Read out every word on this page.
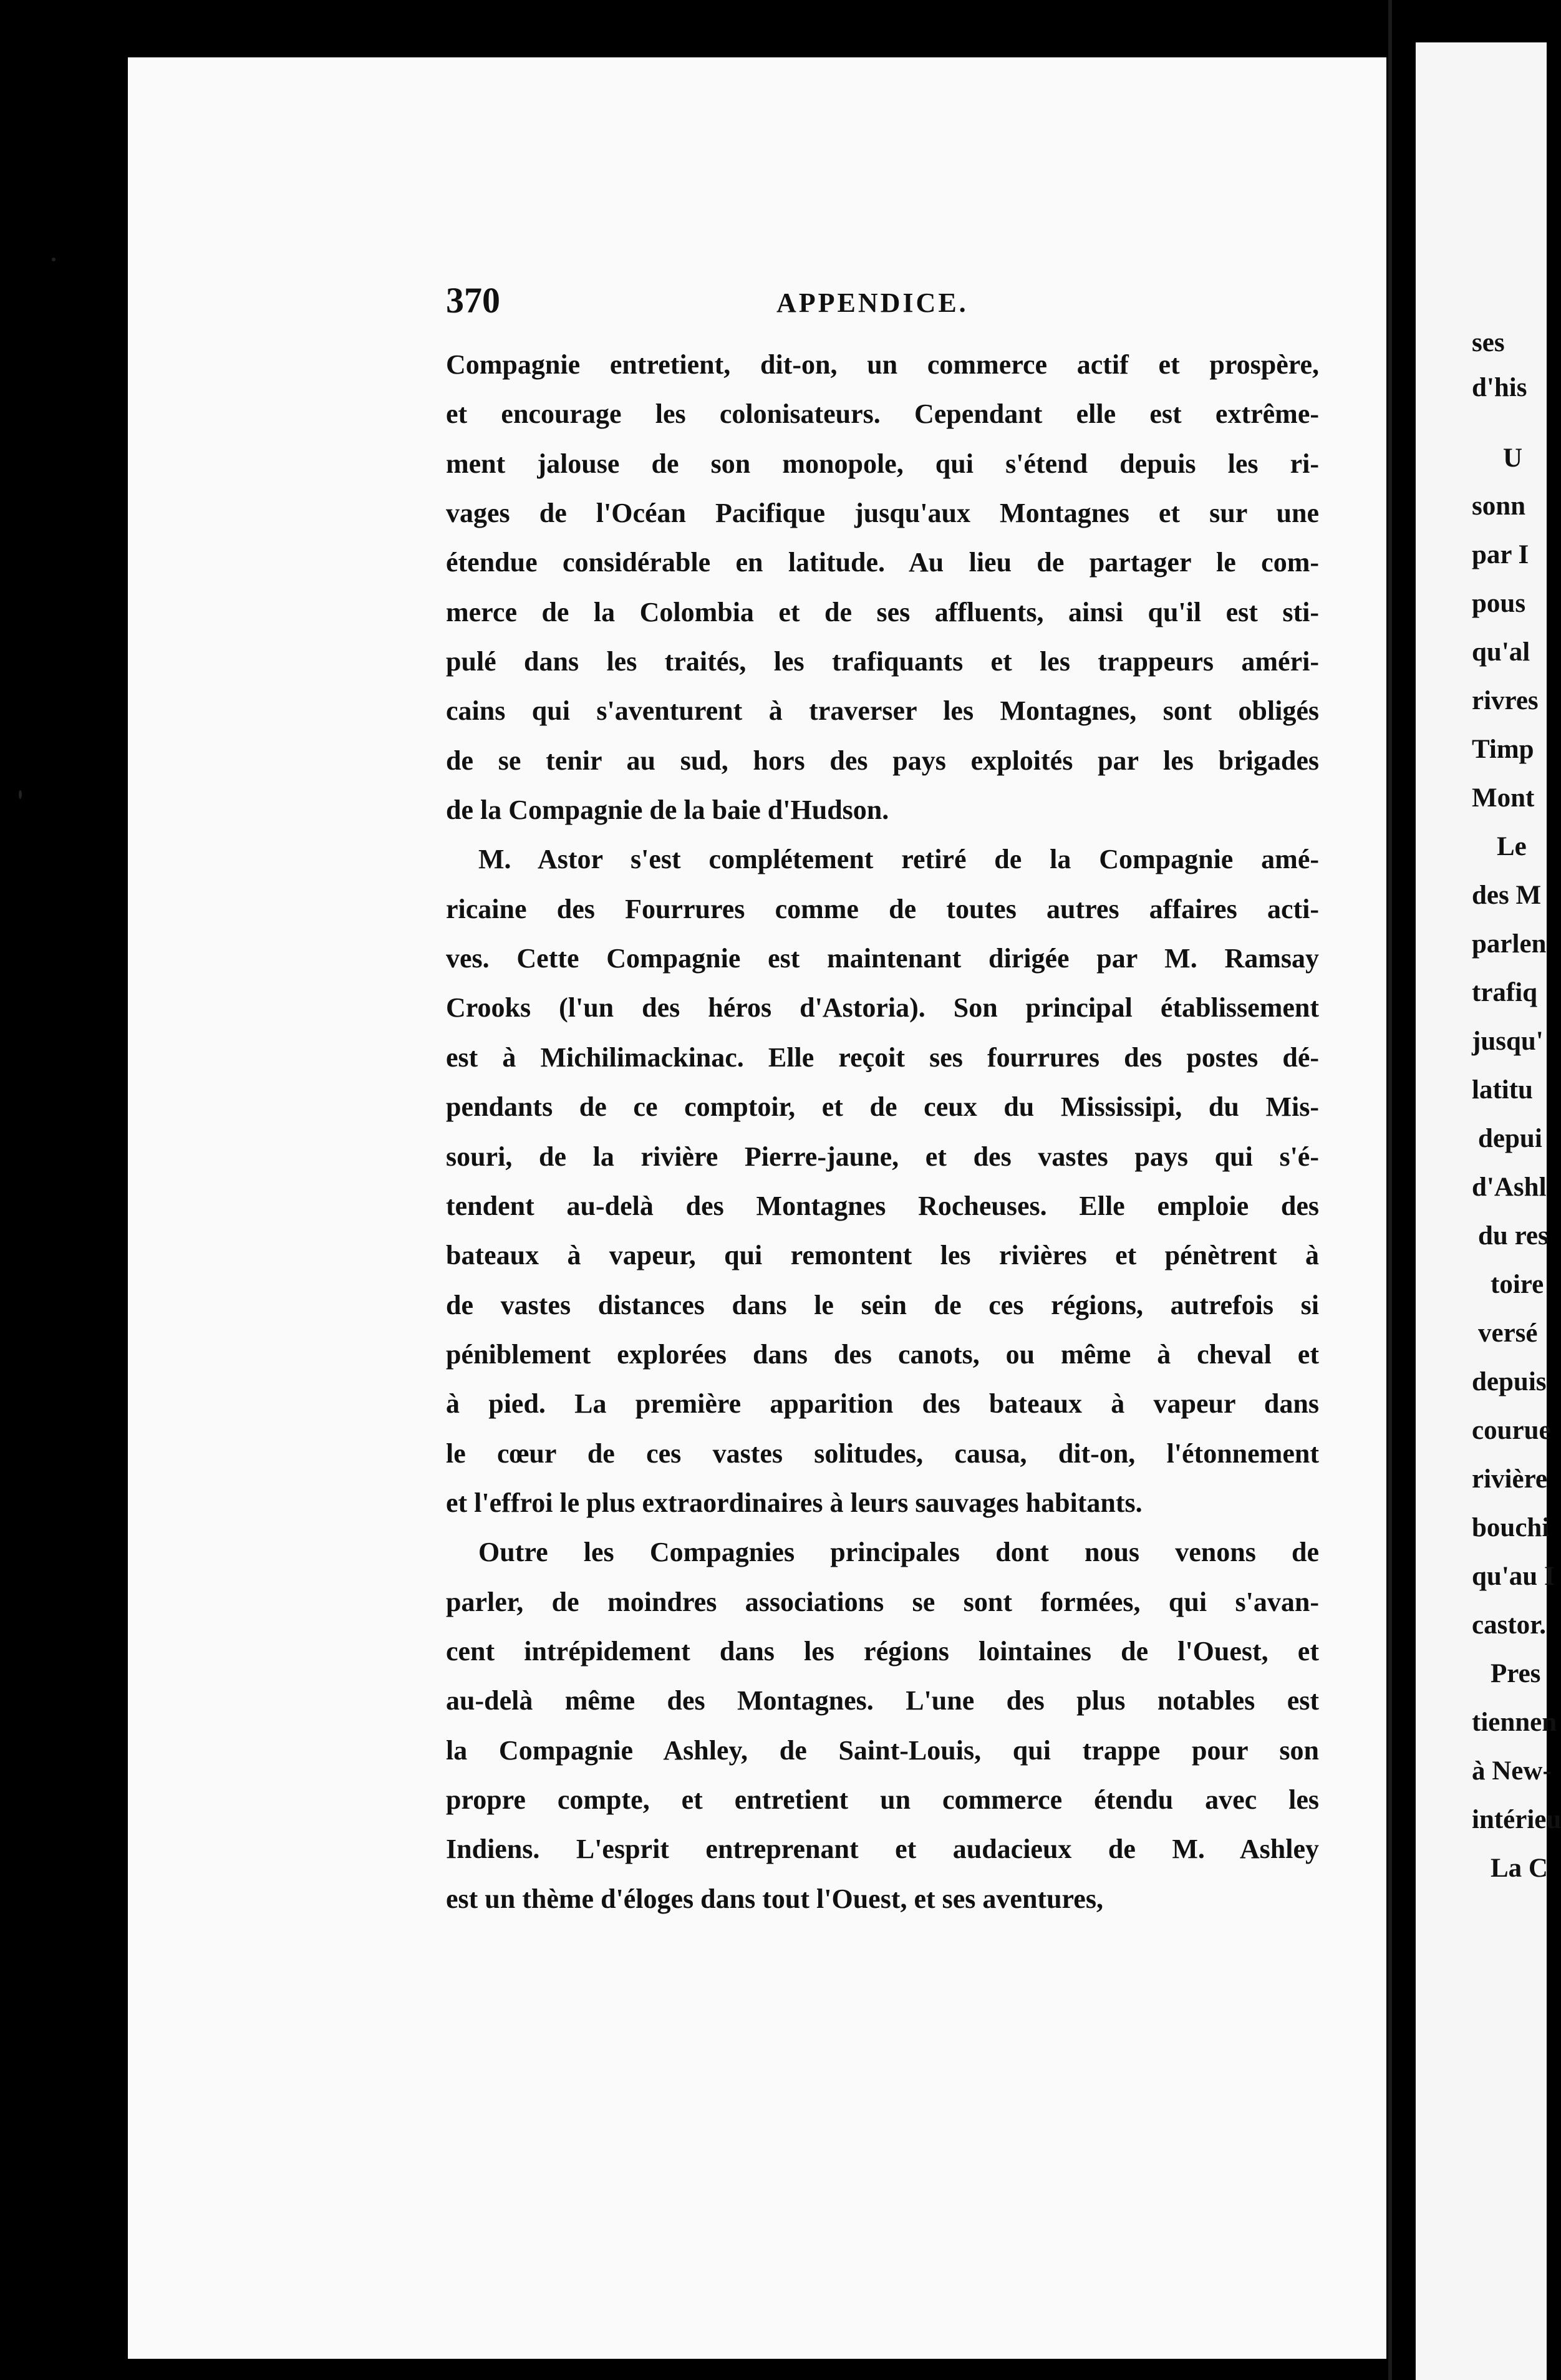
ses
d'his
U
sonn
par I
pous
qu'al
rivres
Timp
Mont
Le
des M
parlen
trafiq
jusqu'
latitu
depui
d'Ashl
du res
toire
versé
depuis
courue
rivière
bouchi
qu'au I
castor.
Pres
tiennen
à New-
intérieu
La C
370	APPENDICE.
Compagnie entretient, dit-on, un commerce actif et prospère,
et encourage les colonisateurs. Cependant elle est extrême-
ment jalouse de son monopole, qui s'étend depuis les ri-
vages de l'Océan Pacifique jusqu'aux Montagnes et sur une
étendue considérable en latitude. Au lieu de partager le com-
merce de la Colombia et de ses affluents, ainsi qu'il est sti-
pulé dans les traités, les trafiquants et les trappeurs améri-
cains qui s'aventurent à traverser les Montagnes, sont obligés
de se tenir au sud, hors des pays exploités par les brigades
de la Compagnie de la baie d'Hudson.
M. Astor s'est complétement retiré de la Compagnie amé-
ricaine des Fourrures comme de toutes autres affaires acti-
ves. Cette Compagnie est maintenant dirigée par M. Ramsay
Crooks (l'un des héros d'Astoria). Son principal établissement
est à Michilimackinac. Elle reçoit ses fourrures des postes dé-
pendants de ce comptoir, et de ceux du Mississipi, du Mis-
souri, de la rivière Pierre-jaune, et des vastes pays qui s'é-
tendent au-delà des Montagnes Rocheuses. Elle emploie des
bateaux à vapeur, qui remontent les rivières et pénètrent à
de vastes distances dans le sein de ces régions, autrefois si
péniblement explorées dans des canots, ou même à cheval et
à pied. La première apparition des bateaux à vapeur dans
le cœur de ces vastes solitudes, causa, dit-on, l'étonnement
et l'effroi le plus extraordinaires à leurs sauvages habitants.
Outre les Compagnies principales dont nous venons de
parler, de moindres associations se sont formées, qui s'avan-
cent intrépidement dans les régions lointaines de l'Ouest, et
au-delà même des Montagnes. L'une des plus notables est
la Compagnie Ashley, de Saint-Louis, qui trappe pour son
propre compte, et entretient un commerce étendu avec les
Indiens. L'esprit entreprenant et audacieux de M. Ashley
est un thème d'éloges dans tout l'Ouest, et ses aventures,
